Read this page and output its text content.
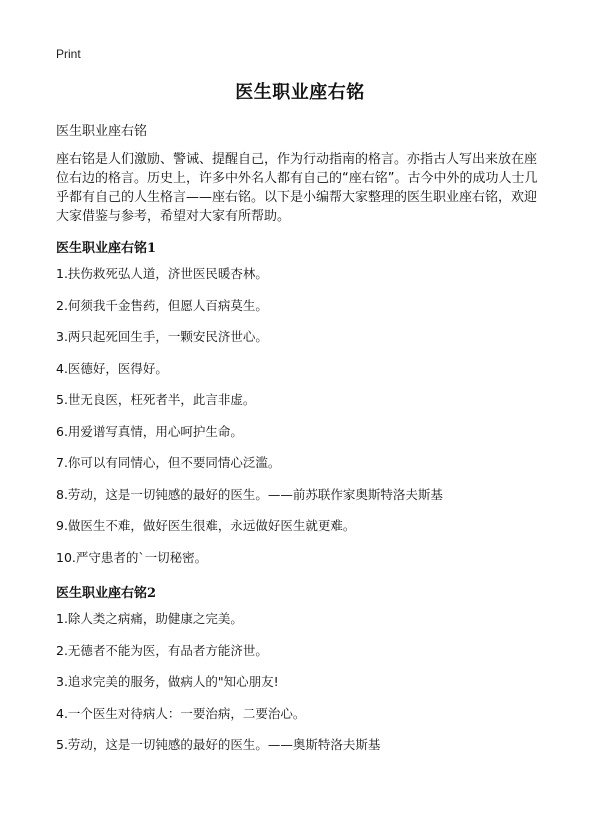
Print
医生职业座右铭
医生职业座右铭

座右铭是人们激励、警诫、提醒自己，作为行动指南的格言。亦指古人写出来放在座位右边的格言。历史上，许多中外名人都有自己的“座右铭”。古今中外的成功人士几乎都有自己的人生格言——座右铭。以下是小编帮大家整理的医生职业座右铭，欢迎大家借鉴与参考，希望对大家有所帮助。

医生职业座右铭1
1.扶伤救死弘人道，济世医民暖杏林。
2.何须我千金售药，但愿人百病莫生。
3.两只起死回生手，一颗安民济世心。
4.医德好，医得好。
5.世无良医，枉死者半，此言非虚。
6.用爱谱写真情，用心呵护生命。
7.你可以有同情心，但不要同情心泛滥。
8.劳动，这是一切钝感的最好的医生。——前苏联作家奥斯特洛夫斯基
9.做医生不难，做好医生很难，永远做好医生就更难。
10.严守患者的`一切秘密。
医生职业座右铭2
1.除人类之病痛，助健康之完美。
2.无德者不能为医，有品者方能济世。
3.追求完美的服务，做病人的"知心朋友!
4.一个医生对待病人：一要治病，二要治心。
5.劳动，这是一切钝感的最好的医生。——奥斯特洛夫斯基
